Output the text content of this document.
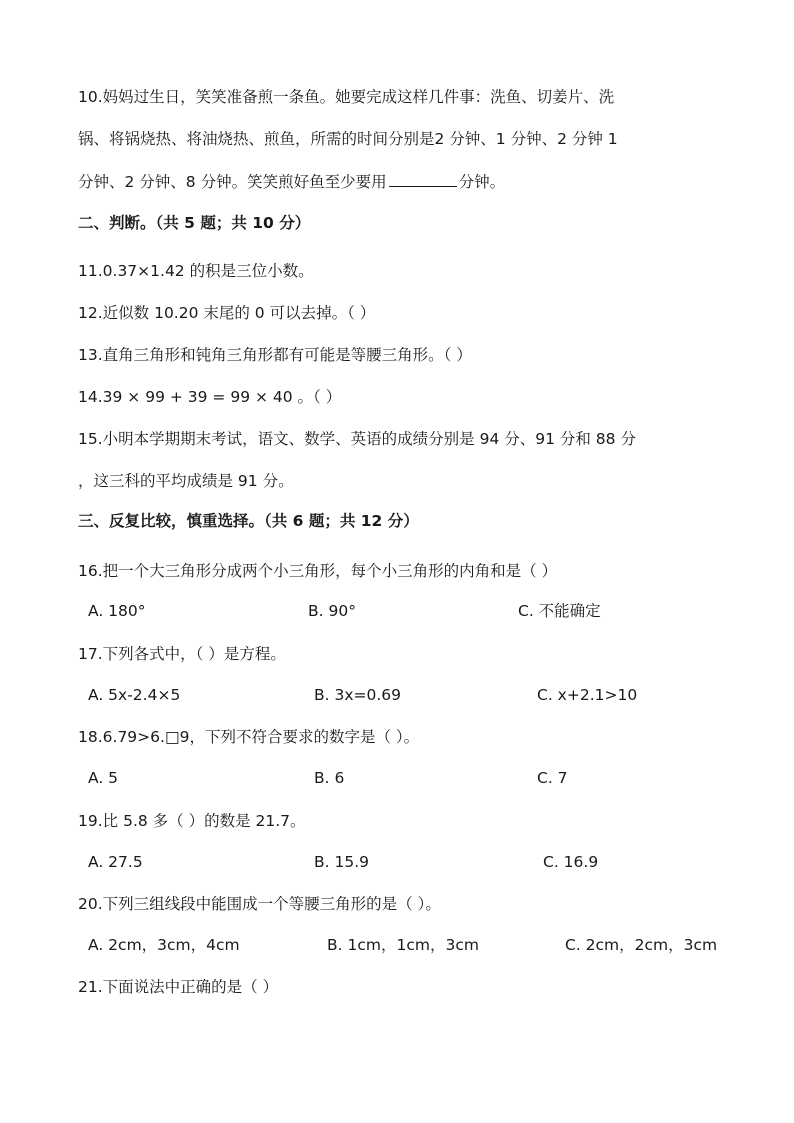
10.妈妈过生日，笑笑准备煎一条鱼。她要完成这样几件事：洗鱼、切姜片、洗
锅、将锅烧热、将油烧热、煎鱼，所需的时间分别是2 分钟、1 分钟、2 分钟 1
分钟、2 分钟、8 分钟。笑笑煎好鱼至少要用	分钟。
二、判断。（共 5 题；共 10 分）
11.0.37×1.42 的积是三位小数。
12.近似数 10.20 末尾的 0 可以去掉。（ ）
13.直角三角形和钝角三角形都有可能是等腰三角形。（ ）
14.39 × 99 + 39 = 99 × 40 。（ ）
15.小明本学期期末考试，语文、数学、英语的成绩分别是 94 分、91 分和 88 分
，这三科的平均成绩是 91 分。
三、反复比较，慎重选择。（共 6 题；共 12 分）
16.把一个大三角形分成两个小三角形，每个小三角形的内角和是（ ）
A. 180°	B. 90°	C. 不能确定
17.下列各式中，（ ）是方程。
A. 5x-2.4×5	B. 3x=0.69	C. x+2.1>10
18.6.79>6.□9，下列不符合要求的数字是（ ）。
A. 5	B. 6	C. 7
19.比 5.8 多（ ）的数是 21.7。
A. 27.5	B. 15.9	C. 16.9
20.下列三组线段中能围成一个等腰三角形的是（ ）。
A. 2cm，3cm，4cm	B. 1cm，1cm，3cm	C. 2cm，2cm，3cm
21.下面说法中正确的是（ ）
